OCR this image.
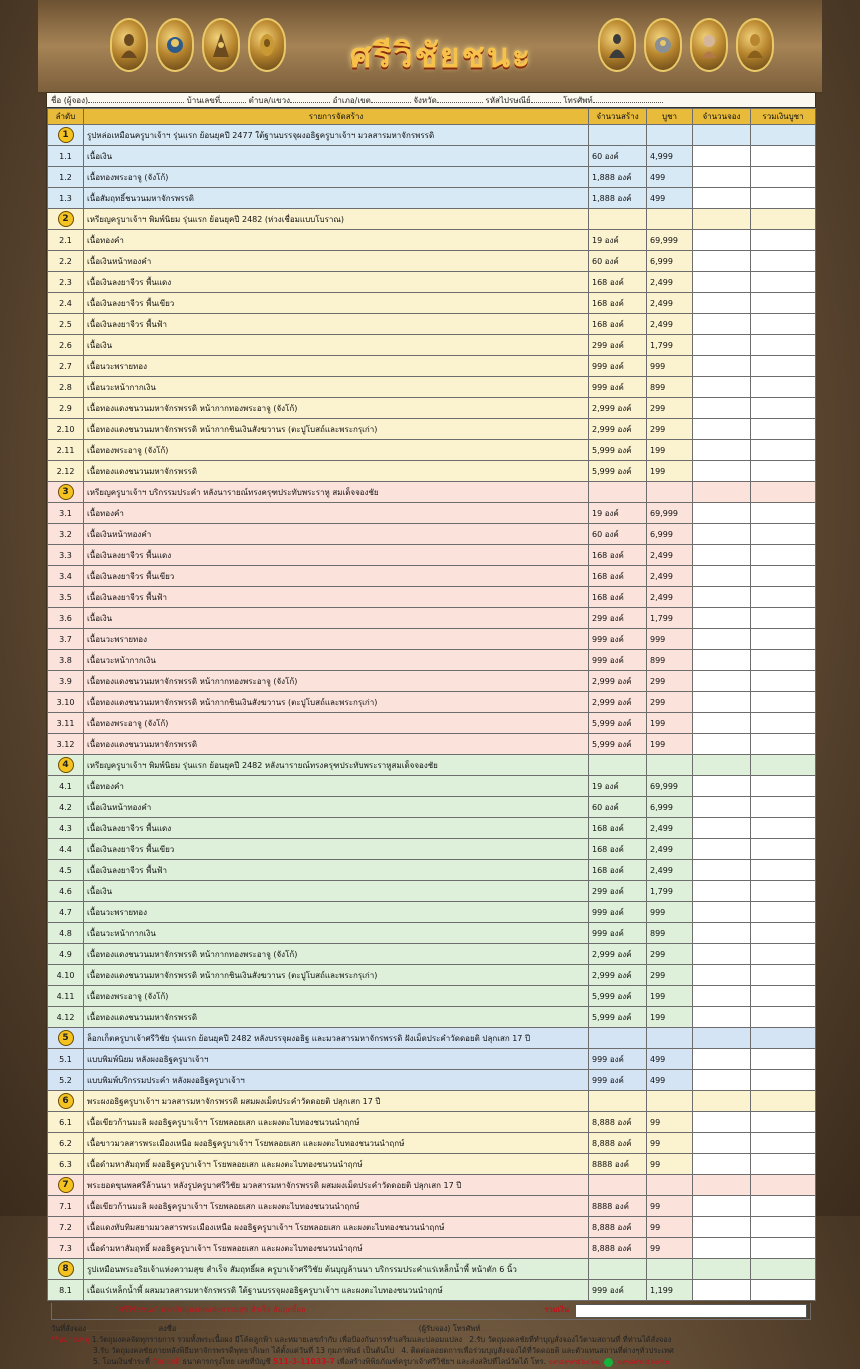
ศรีวิชัยชนะ
ชื่อ (ผู้จอง)	บ้านเลขที่	ตำบล/แขวง	อำเภอ/เขต	จังหวัด	รหัสไปรษณีย์	โทรศัพท์
ลำดับ	รายการจัดสร้าง	จำนวนสร้าง	บูชา	จำนวนจอง	รวมเงินบูชา
1	รูปหล่อเหมือนครูบาเจ้าฯ รุ่นแรก ย้อนยุคปี 2477 ใต้ฐานบรรจุผงอธิฐครูบาเจ้าฯ มวลสารมหาจักรพรรดิ				
1.1	เนื้อเงิน	60 องค์	4,999		
1.2	เนื้อทองพระอาจู (จังโก้)	1,888 องค์	499		
1.3	เนื้อสัมฤทธิ์ชนวนมหาจักรพรรดิ	1,888 องค์	499		
2	เหรียญครูบาเจ้าฯ พิมพ์นิยม รุ่นแรก ย้อนยุคปี 2482 (ห่วงเชื่อมแบบโบราณ)				
2.1	เนื้อทองคำ	19 องค์	69,999		
2.2	เนื้อเงินหน้าทองคำ	60 องค์	6,999		
2.3	เนื้อเงินลงยาจีวร พื้นแดง	168 องค์	2,499		
2.4	เนื้อเงินลงยาจีวร พื้นเขียว	168 องค์	2,499		
2.5	เนื้อเงินลงยาจีวร พื้นฟ้า	168 องค์	2,499		
2.6	เนื้อเงิน	299 องค์	1,799		
2.7	เนื้อนวะพรายทอง	999 องค์	999		
2.8	เนื้อนวะหน้ากากเงิน	999 องค์	899		
2.9	เนื้อทองแดงชนวนมหาจักรพรรดิ หน้ากากทองพระอาจู (จังโก้)	2,999 องค์	299		
2.10	เนื้อทองแดงชนวนมหาจักรพรรดิ หน้ากากชินเงินสังฆวานร (ตะปูโบสถ์และพระกรุเก่า)	2,999 องค์	299		
2.11	เนื้อทองพระอาจู (จังโก้)	5,999 องค์	199		
2.12	เนื้อทองแดงชนวนมหาจักรพรรดิ	5,999 องค์	199		
3	เหรียญครูบาเจ้าฯ บริกรรมประคำ หลังนารายณ์ทรงครุฑประทับพระราหู สมเด็จจองชัย				
3.1	เนื้อทองคำ	19 องค์	69,999		
3.2	เนื้อเงินหน้าทองคำ	60 องค์	6,999		
3.3	เนื้อเงินลงยาจีวร พื้นแดง	168 องค์	2,499		
3.4	เนื้อเงินลงยาจีวร พื้นเขียว	168 องค์	2,499		
3.5	เนื้อเงินลงยาจีวร พื้นฟ้า	168 องค์	2,499		
3.6	เนื้อเงิน	299 องค์	1,799		
3.7	เนื้อนวะพรายทอง	999 องค์	999		
3.8	เนื้อนวะหน้ากากเงิน	999 องค์	899		
3.9	เนื้อทองแดงชนวนมหาจักรพรรดิ หน้ากากทองพระอาจู (จังโก้)	2,999 องค์	299		
3.10	เนื้อทองแดงชนวนมหาจักรพรรดิ หน้ากากชินเงินสังฆวานร (ตะปูโบสถ์และพระกรุเก่า)	2,999 องค์	299		
3.11	เนื้อทองพระอาจู (จังโก้)	5,999 องค์	199		
3.12	เนื้อทองแดงชนวนมหาจักรพรรดิ	5,999 องค์	199		
4	เหรียญครูบาเจ้าฯ พิมพ์นิยม รุ่นแรก ย้อนยุคปี 2482 หลังนารายณ์ทรงครุฑประทับพระราหูสมเด็จจองชัย				
4.1	เนื้อทองคำ	19 องค์	69,999		
4.2	เนื้อเงินหน้าทองคำ	60 องค์	6,999		
4.3	เนื้อเงินลงยาจีวร พื้นแดง	168 องค์	2,499		
4.4	เนื้อเงินลงยาจีวร พื้นเขียว	168 องค์	2,499		
4.5	เนื้อเงินลงยาจีวร พื้นฟ้า	168 องค์	2,499		
4.6	เนื้อเงิน	299 องค์	1,799		
4.7	เนื้อนวะพรายทอง	999 องค์	999		
4.8	เนื้อนวะหน้ากากเงิน	999 องค์	899		
4.9	เนื้อทองแดงชนวนมหาจักรพรรดิ หน้ากากทองพระอาจู (จังโก้)	2,999 องค์	299		
4.10	เนื้อทองแดงชนวนมหาจักรพรรดิ หน้ากากชินเงินสังฆวานร (ตะปูโบสถ์และพระกรุเก่า)	2,999 องค์	299		
4.11	เนื้อทองพระอาจู (จังโก้)	5,999 องค์	199		
4.12	เนื้อทองแดงชนวนมหาจักรพรรดิ	5,999 องค์	199		
5	ล็อกเก็ตครูบาเจ้าศรีวิชัย รุ่นแรก ย้อนยุคปี 2482 หลังบรรจุผงอธิฐ และมวลสารมหาจักรพรรดิ ฝังเม็ดประคำวัดดอยติ ปลุกเสก 17 ปี				
5.1	แบบพิมพ์นิยม หลังผงอธิฐครูบาเจ้าฯ	999 องค์	499		
5.2	แบบพิมพ์บริกรรมประคำ หลังผงอธิฐครูบาเจ้าฯ	999 องค์	499		
6	พระผงอธิฐครูบาเจ้าฯ มวลสารมหาจักรพรรดิ ผสมผงเม็ดประคำวัดดอยติ ปลุกเสก 17 ปี				
6.1	เนื้อเขียวก้านมะลิ ผงอธิฐครูบาเจ้าฯ โรยพลอยเสก และผงตะไบทองชนวนนำฤกษ์	8,888 องค์	99		
6.2	เนื้อขาวมวลสารพระเมืองเหนือ ผงอธิฐครูบาเจ้าฯ โรยพลอยเสก และผงตะไบทองชนวนนำฤกษ์	8,888 องค์	99		
6.3	เนื้อดำมหาสัมฤทธิ์ ผงอธิฐครูบาเจ้าฯ โรยพลอยเสก และผงตะไบทองชนวนนำฤกษ์	8888 องค์	99		
7	พระยอดขุนพลศรีล้านนา หลังรูปครูบาศรีวิชัย มวลสารมหาจักรพรรดิ ผสมผงเม็ดประคำวัดดอยติ ปลุกเสก 17 ปี				
7.1	เนื้อเขียวก้านมะลิ ผงอธิฐครูบาเจ้าฯ โรยพลอยเสก และผงตะไบทองชนวนนำฤกษ์	8888 องค์	99		
7.2	เนื้อแดงทับทิมสยามมวลสารพระเมืองเหนือ ผงอธิฐครูบาเจ้าฯ โรยพลอยเสก และผงตะไบทองชนวนนำฤกษ์	8,888 องค์	99		
7.3	เนื้อดำมหาสัมฤทธิ์ ผงอธิฐครูบาเจ้าฯ โรยพลอยเสก และผงตะไบทองชนวนนำฤกษ์	8,888 องค์	99		
8	รูปเหมือนพระอริยเจ้าแห่งความสุข สำเร็จ สัมฤทธิ์ผล ครูบาเจ้าศรีวิชัย ต้นบุญล้านนา บริกรรมประคำแร่เหล็กน้ำพี้ หน้าตัก 6 นิ้ว				
8.1	เนื้อแร่เหล็กน้ำพี้ ผสมมวลสารมหาจักรพรรดิ ใต้ฐานบรรจุผงอธิฐครูบาเจ้าฯ และผงตะไบทองชนวนนำฤกษ์	999 องค์	1,199		
"ศรีวิชัยชนะ" มหาวัตถุมงคลแห่งความสุข สำเร็จ สัมฤทธิ์ผล	รวมเงิน
วันที่สั่งจอง	ลงชื่อ	(ผู้รับจอง) โทรศัพท์
**หมายเหตุ 1.วัตถุมงคลจัดทุกรายการ รวมทั้งพระเนื้อผง มีโค้ดลูกฟ้า และหมายเลขกำกับ เพื่อป้องกันการทำเสริมและปลอมแปลง 2.รับ วัตถุมงคลชัยที่ทำบุญสั่งจองไว้ตามสถานที่ ที่ท่านได้สั่งจอง
3.รับ วัตถุมงคลชัยภายหลังพิธีมหาจักรพรรดิพุทธาภิเษก ได้ตั้งแต่วันที่ 13 กุมภาพันธ์ เป็นต้นไป 4. ติดต่อลอยดการเพื่อร่วมบุญสั่งจองได้ที่วัดดอยติ และตัวแทนสถานที่ต่างๆทั่วประเทศ
5. โอนเงินชำระที่ วัดดอยติ ธนาคารกรุงไทย เลขที่บัญชี 511-3-11033-7 เพื่อสร้างพิพิธภัณฑ์ครูบาเจ้าศรีวิชัยฯ และส่งสลิปที่ไลน์วัดได้ โทร. ๐๙๘๙๙๕๖๐๖๒ ๐๙๘๙๙๕๖๐๖๒
